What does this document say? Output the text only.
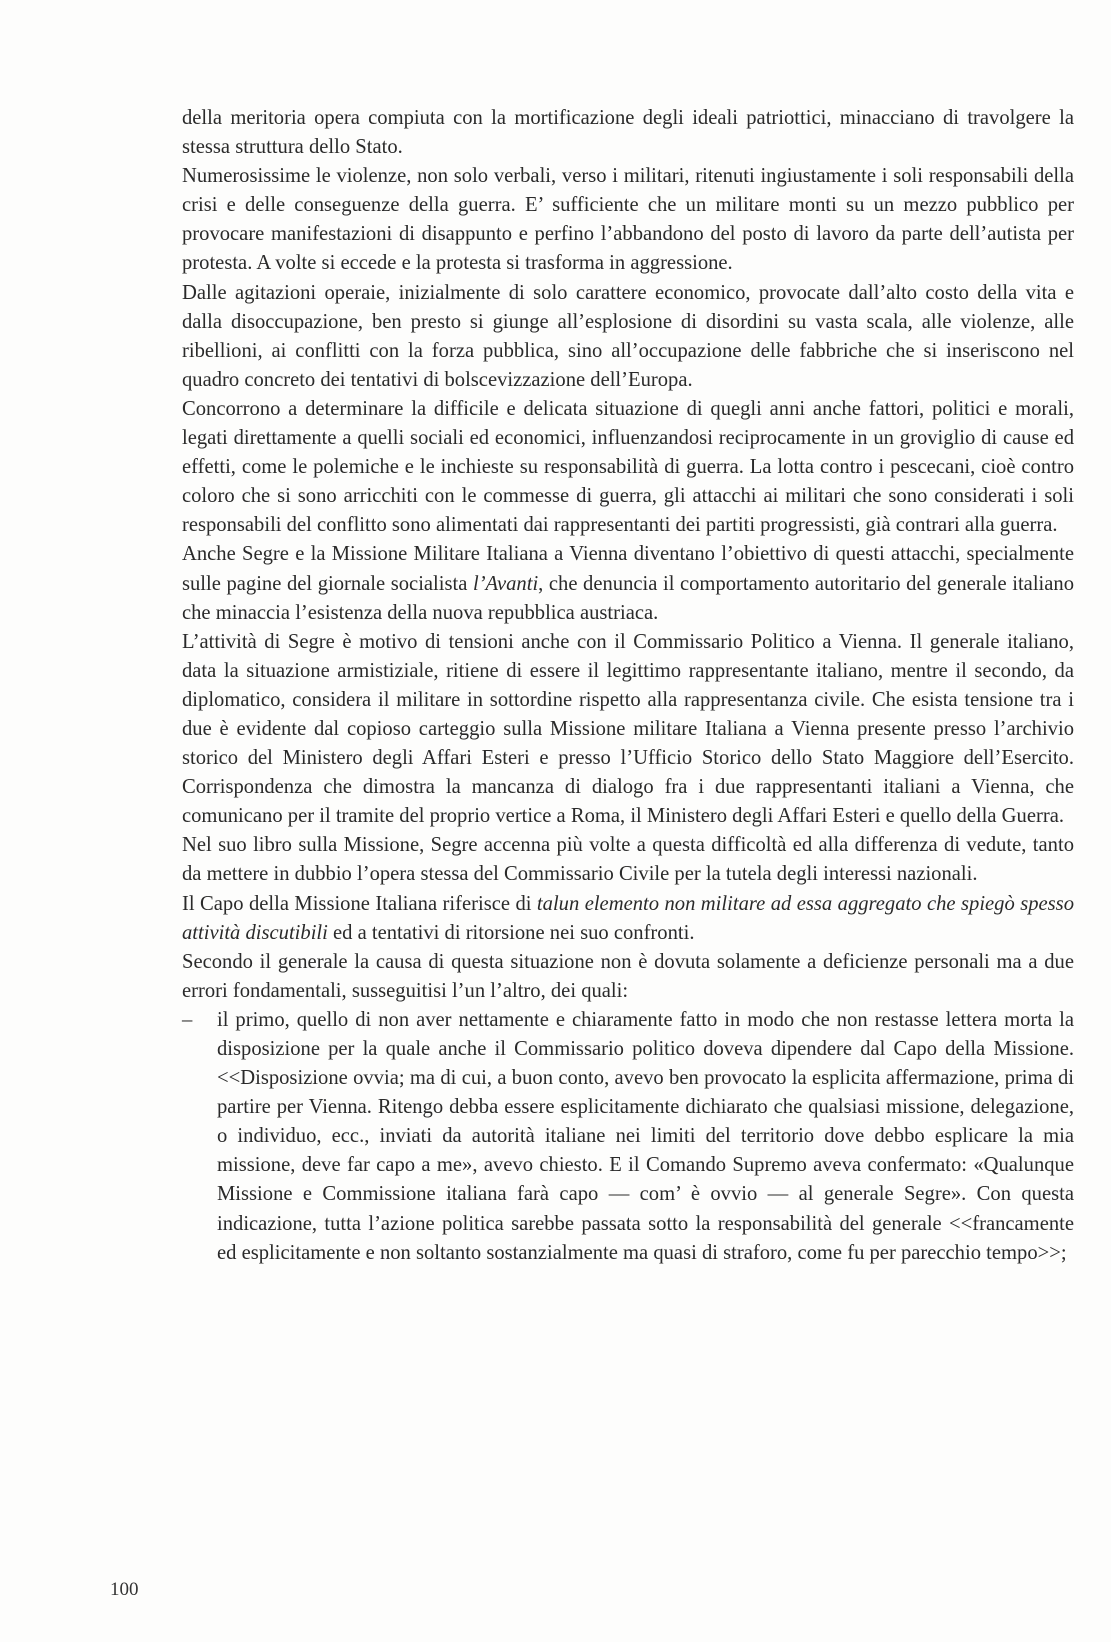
della meritoria opera compiuta con la mortificazione degli ideali patriottici, minacciano di travolgere la stessa struttura dello Stato.

Numerosissime le violenze, non solo verbali, verso i militari, ritenuti ingiustamente i soli responsabili della crisi e delle conseguenze della guerra. E’ sufficiente che un militare monti su un mezzo pubblico per provocare manifestazioni di disappunto e perfino l’abbandono del posto di lavoro da parte dell’autista per protesta. A volte si eccede e la protesta si trasforma in aggressione.

Dalle agitazioni operaie, inizialmente di solo carattere economico, provocate dall’alto costo della vita e dalla disoccupazione, ben presto si giunge all’esplosione di disordini su vasta scala, alle violenze, alle ribellioni, ai conflitti con la forza pubblica, sino all’occupazione delle fabbriche che si inseriscono nel quadro concreto dei tentativi di bolscevizzazione dell’Europa.

Concorrono a determinare la difficile e delicata situazione di quegli anni anche fattori, politici e morali, legati direttamente a quelli sociali ed economici, influenzandosi reciprocamente in un groviglio di cause ed effetti, come le polemiche e le inchieste su responsabilità di guerra. La lotta contro i pescecani, cioè contro coloro che si sono arricchiti con le commesse di guerra, gli attacchi ai militari che sono considerati i soli responsabili del conflitto sono alimentati dai rappresentanti dei partiti progressisti, già contrari alla guerra.

Anche Segre e la Missione Militare Italiana a Vienna diventano l’obiettivo di questi attacchi, specialmente sulle pagine del giornale socialista l’Avanti, che denuncia il comportamento autoritario del generale italiano che minaccia l’esistenza della nuova repubblica austriaca.

L’attività di Segre è motivo di tensioni anche con il Commissario Politico a Vienna. Il generale italiano, data la situazione armistiziale, ritiene di essere il legittimo rappresentante italiano, mentre il secondo, da diplomatico, considera il militare in sottordine rispetto alla rappresentanza civile. Che esista tensione tra i due è evidente dal copioso carteggio sulla Missione militare Italiana a Vienna presente presso l’archivio storico del Ministero degli Affari Esteri e presso l’Ufficio Storico dello Stato Maggiore dell’Esercito. Corrispondenza che dimostra la mancanza di dialogo fra i due rappresentanti italiani a Vienna, che comunicano per il tramite del proprio vertice a Roma, il Ministero degli Affari Esteri e quello della Guerra.

Nel suo libro sulla Missione, Segre accenna più volte a questa difficoltà ed alla differenza di vedute, tanto da mettere in dubbio l’opera stessa del Commissario Civile per la tutela degli interessi nazionali.

Il Capo della Missione Italiana riferisce di talun elemento non militare ad essa aggregato che spiegò spesso attività discutibili ed a tentativi di ritorsione nei suo confronti.

Secondo il generale la causa di questa situazione non è dovuta solamente a deficienze personali ma a due errori fondamentali, susseguitisi l’un l’altro, dei quali:

– il primo, quello di non aver nettamente e chiaramente fatto in modo che non restasse lettera morta la disposizione per la quale anche il Commissario politico doveva dipendere dal Capo della Missione. <<Disposizione ovvia; ma di cui, a buon conto, avevo ben provocato la esplicita affermazione, prima di partire per Vienna. Ritengo debba essere esplicitamente dichiarato che qualsiasi missione, delegazione, o individuo, ecc., inviati da autorità italiane nei limiti del territorio dove debbo esplicare la mia missione, deve far capo a me», avevo chiesto. E il Comando Supremo aveva confermato: «Qualunque Missione e Commissione italiana farà capo — com’ è ovvio — al generale Segre». Con questa indicazione, tutta l’azione politica sarebbe passata sotto la responsabilità del generale <<francamente ed esplicitamente e non soltanto sostanzialmente ma quasi di straforo, come fu per parecchio tempo>>;
100
